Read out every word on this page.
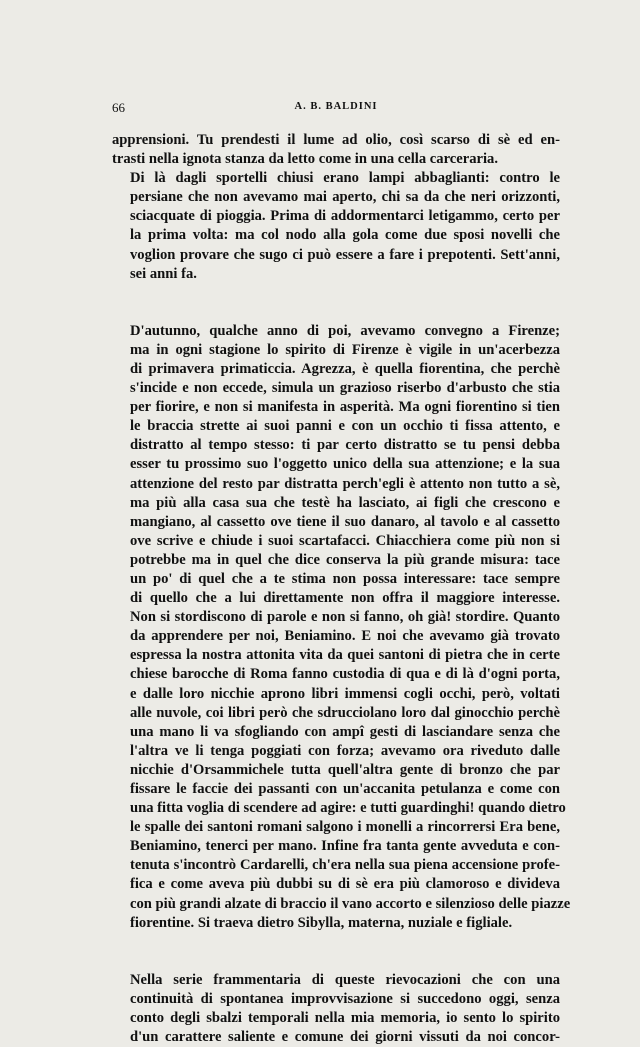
66	A. B. BALDINI

apprensioni. Tu prendesti il lume ad olio, così scarso di sè ed en-
trasti nella ignota stanza da letto come in una cella carceraria.

Di là dagli sportelli chiusi erano lampi abbaglianti: contro le
persiane che non avevamo mai aperto, chi sa da che neri orizzonti,
sciacquate di pioggia. Prima di addormentarci letigammo, certo per
la prima volta: ma col nodo alla gola come due sposi novelli che
voglion provare che sugo ci può essere a fare i prepotenti. Sett'anni,
sei anni fa.

D'autunno, qualche anno di poi, avevamo convegno a Firenze;
ma in ogni stagione lo spirito di Firenze è vigile in un'acerbezza
di primavera primaticcia. Agrezza, è quella fiorentina, che perchè
s'incide e non eccede, simula un grazioso riserbo d'arbusto che stia
per fiorire, e non si manifesta in asperità. Ma ogni fiorentino si tien
le braccia strette ai suoi panni e con un occhio ti fissa attento, e
distratto al tempo stesso: ti par certo distratto se tu pensi debba
esser tu prossimo suo l'oggetto unico della sua attenzione; e la sua
attenzione del resto par distratta perch'egli è attento non tutto a sè,
ma più alla casa sua che testè ha lasciato, ai figli che crescono e
mangiano, al cassetto ove tiene il suo danaro, al tavolo e al cassetto
ove scrive e chiude i suoi scartafacci. Chiacchiera come più non si
potrebbe ma in quel che dice conserva la più grande misura: tace
un po' di quel che a te stima non possa interessare: tace sempre
di quello che a lui direttamente non offra il maggiore interesse.
Non si stordiscono di parole e non si fanno, oh già! stordire. Quanto
da apprendere per noi, Beniamino. E noi che avevamo già trovato
espressa la nostra attonita vita da quei santoni di pietra che in certe
chiese barocche di Roma fanno custodia di qua e di là d'ogni porta,
e dalle loro nicchie aprono libri immensi cogli occhi, però, voltati
alle nuvole, coi libri però che sdrucciolano loro dal ginocchio perchè
una mano li va sfogliando con ampî gesti di lasciandare senza che
l'altra ve li tenga poggiati con forza; avevamo ora riveduto dalle
nicchie d'Orsammichele tutta quell'altra gente di bronzo che par
fissare le faccie dei passanti con un'accanita petulanza e come con
una fitta voglia di scendere ad agire: e tutti guardinghi! quando dietro
le spalle dei santoni romani salgono i monelli a rincorrersi Era bene,
Beniamino, tenerci per mano. Infine fra tanta gente avveduta e con-
tenuta s'incontrò Cardarelli, ch'era nella sua piena accensione profe-
fica e come aveva più dubbi su di sè era più clamoroso e divideva
con più grandi alzate di braccio il vano accorto e silenzioso delle piazze
fiorentine. Si traeva dietro Sibylla, materna, nuziale e figliale.

Nella serie frammentaria di queste rievocazioni che con una
continuità di spontanea improvvisazione si succedono oggi, senza
conto degli sbalzi temporali nella mia memoria, io sento lo spirito
d'un carattere saliente e comune dei giorni vissuti da noi concor-
